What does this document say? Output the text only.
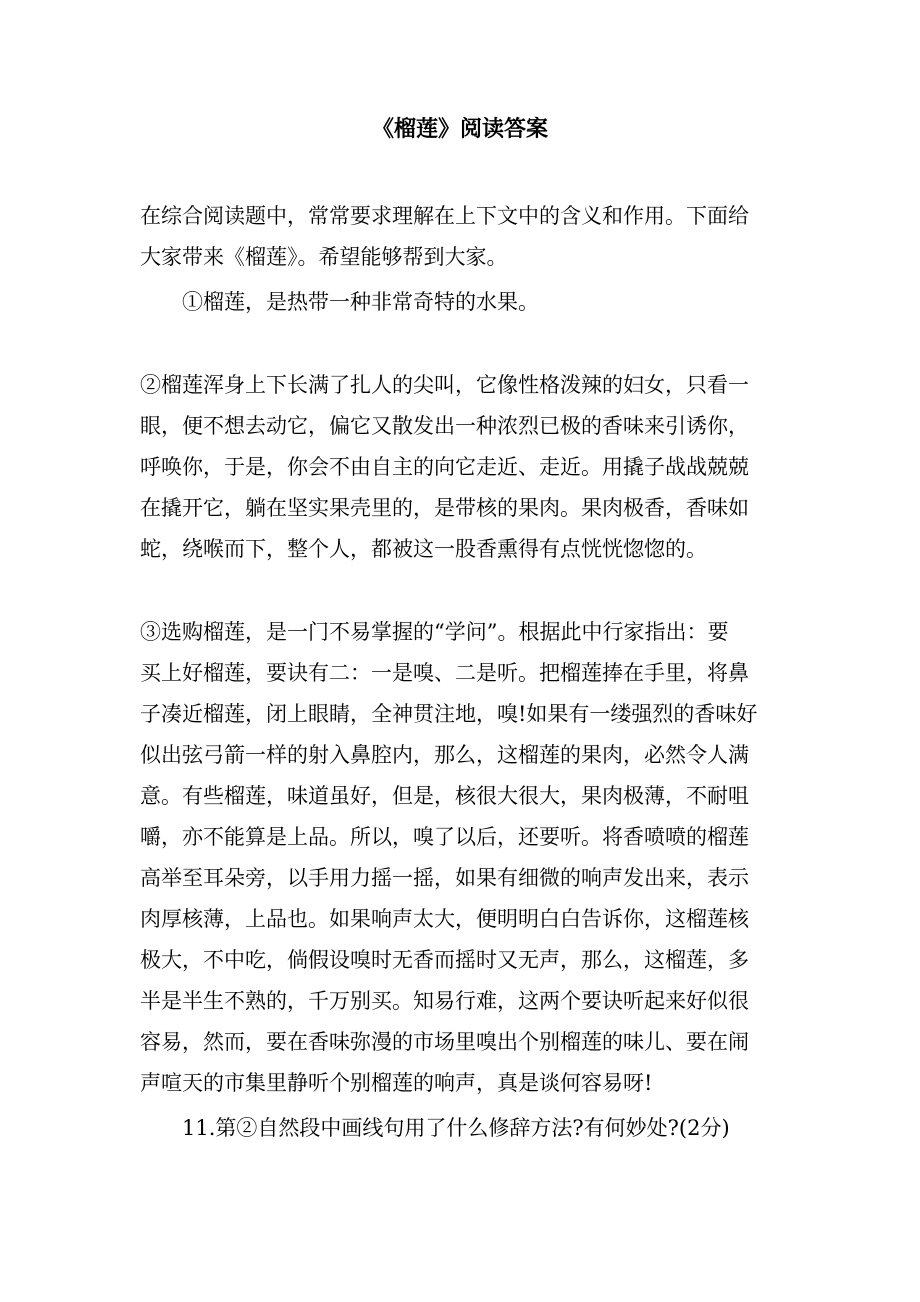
《榴莲》阅读答案
在综合阅读题中，常常要求理解在上下文中的含义和作用。下面给
大家带来《榴莲》。希望能够帮到大家。
①榴莲，是热带一种非常奇特的水果。
②榴莲浑身上下长满了扎人的尖叫，它像性格泼辣的妇女，只看一
眼，便不想去动它，偏它又散发出一种浓烈已极的香味来引诱你，
呼唤你，于是，你会不由自主的向它走近、走近。用撬子战战兢兢
在撬开它，躺在坚实果壳里的，是带核的果肉。果肉极香，香味如
蛇，绕喉而下，整个人，都被这一股香熏得有点恍恍惚惚的。
③选购榴莲，是一门不易掌握的“学问”。根据此中行家指出：要
买上好榴莲，要诀有二：一是嗅、二是听。把榴莲捧在手里，将鼻
子凑近榴莲，闭上眼睛，全神贯注地，嗅!如果有一缕强烈的香味好
似出弦弓箭一样的射入鼻腔内，那么，这榴莲的果肉，必然令人满
意。有些榴莲，味道虽好，但是，核很大很大，果肉极薄，不耐咀
嚼，亦不能算是上品。所以，嗅了以后，还要听。将香喷喷的榴莲
高举至耳朵旁，以手用力摇一摇，如果有细微的响声发出来，表示
肉厚核薄，上品也。如果响声太大，便明明白白告诉你，这榴莲核
极大，不中吃，倘假设嗅时无香而摇时又无声，那么，这榴莲，多
半是半生不熟的，千万别买。知易行难，这两个要诀听起来好似很
容易，然而，要在香味弥漫的市场里嗅出个别榴莲的味儿、要在闹
声喧天的市集里静听个别榴莲的响声，真是谈何容易呀!
11.第②自然段中画线句用了什么修辞方法?有何妙处?(2分)
